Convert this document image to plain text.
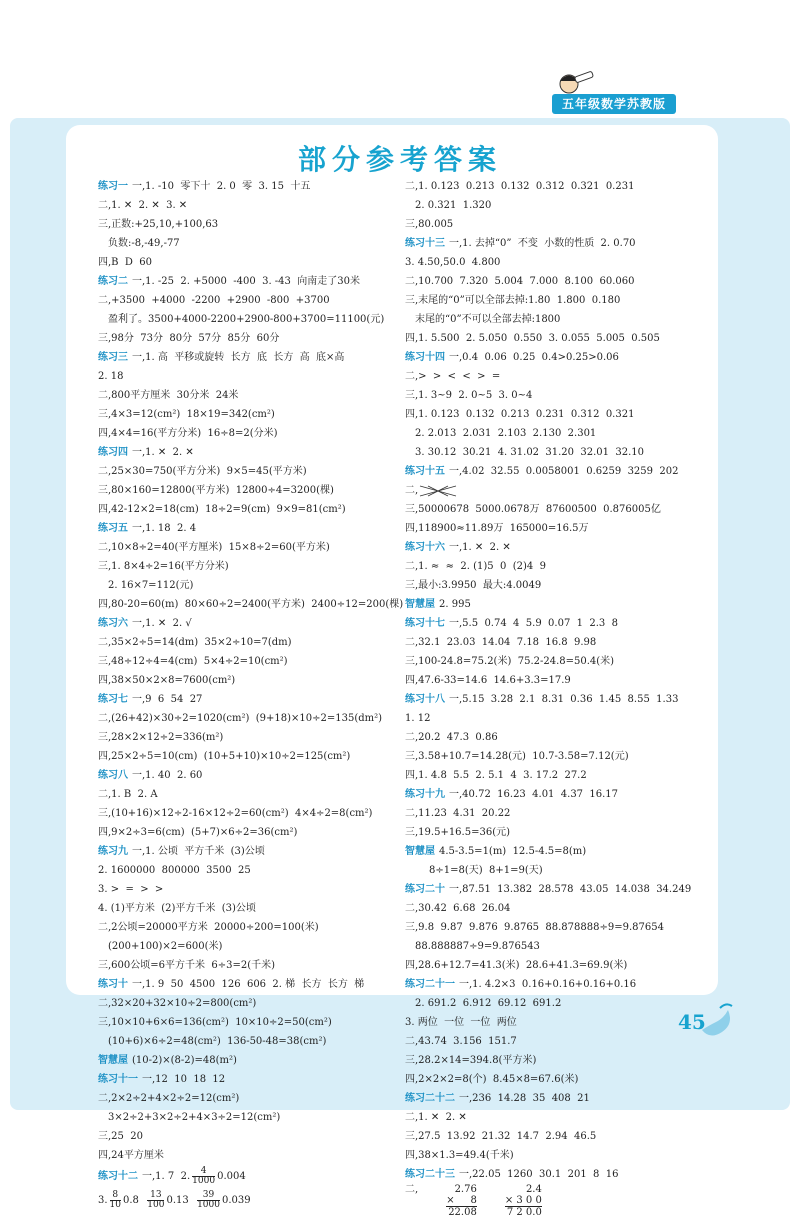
五年级数学苏教版
部分参考答案
练习一 一,1. -10  零下十  2. 0  零  3. 15  十五
二,1. ✕  2. ✕  3. ✕
三,正数:+25,10,+100,63
负数:-8,-49,-77
四,B  D  60
练习二 一,1. -25  2. +5000  -400  3. -43  向南走了30米
二,+3500  +4000  -2200  +2900  -800  +3700
盈利了。3500+4000-2200+2900-800+3700=11100(元)
三,98分  73分  80分  57分  85分  60分
练习三 一,1. 高  平移或旋转  长方  底  长方  高  底×高
2. 18
二,800平方厘米  30分米  24米
三,4×3=12(cm²)  18×19=342(cm²)
四,4×4=16(平方分米)  16÷8=2(分米)
练习四 一,1. ✕  2. ✕
二,25×30=750(平方分米)  9×5=45(平方米)
三,80×160=12800(平方米)  12800÷4=3200(棵)
四,42-12×2=18(cm)  18÷2=9(cm)  9×9=81(cm²)
练习五 一,1. 18  2. 4
二,10×8÷2=40(平方厘米)  15×8÷2=60(平方米)
三,1. 8×4÷2=16(平方分米)
2. 16×7=112(元)
四,80-20=60(m)  80×60÷2=2400(平方米)  2400÷12=200(棵)
练习六 一,1. ✕  2. √
二,35×2÷5=14(dm)  35×2÷10=7(dm)
三,48÷12÷4=4(cm)  5×4÷2=10(cm²)
四,38×50×2×8=7600(cm²)
练习七 一,9  6  54  27
二,(26+42)×30÷2=1020(cm²)  (9+18)×10÷2=135(dm²)
三,28×2×12÷2=336(m²)
四,25×2÷5=10(cm)  (10+5+10)×10÷2=125(cm²)
练习八 一,1. 40  2. 60
二,1. B  2. A
三,(10+16)×12÷2-16×12÷2=60(cm²)  4×4÷2=8(cm²)
四,9×2÷3=6(cm)  (5+7)×6÷2=36(cm²)
练习九 一,1. 公顷  平方千米  (3)公顷
2. 1600000  800000  3500  25
3. >  =  >  >
4. (1)平方米  (2)平方千米  (3)公顷
二,2公顷=20000平方米  20000÷200=100(米)
(200+100)×2=600(米)
三,600公顷=6平方千米  6÷3=2(千米)
练习十 一,1. 9  50  4500  126  606  2. 梯  长方  长方  梯
二,32×20+32×10÷2=800(cm²)
三,10×10+6×6=136(cm²)  10×10÷2=50(cm²)
(10+6)×6÷2=48(cm²)  136-50-48=38(cm²)
智慧屋 (10-2)×(8-2)=48(m²)
练习十一 一,12  10  18  12
二,2×2÷2+4×2÷2=12(cm²)
3×2÷2+3×2÷2+4×3÷2=12(cm²)
三,25  20
四,24平方厘米
练习十二 一,1. 7  2. $\frac{4}{1000} 0.004$
3. $\frac{8}{10} 0.8 \frac{13}{100} 0.13 \frac{39}{1000} 0.039$
二,1. 0.123  0.213  0.132  0.312  0.321  0.231
2. 0.321  1.320
三,80.005
练习十三 一,1. 去掉“0”  不变  小数的性质  2. 0.70
3. 4.50,50.0  4.800
二,10.700  7.320  5.004  7.000  8.100  60.060
三,末尾的“0”可以全部去掉:1.80  1.800  0.180
末尾的“0”不可以全部去掉:1800
四,1. 5.500  2. 5.050  0.550  3. 0.055  5.005  0.505
练习十四 一,0.4  0.06  0.25  0.4>0.25>0.06
二,>  >  <  <  >  =
三,1. 3~9  2. 0~5  3. 0~4
四,1. 0.123  0.132  0.213  0.231  0.312  0.321
2. 2.013  2.031  2.103  2.130  2.301
3. 30.12  30.21  4. 31.02  31.20  32.01  32.10
练习十五 一,4.02  32.55  0.0058001  0.6259  3259  202
二,
三,50000678  5000.0678万  87600500  0.876005亿
四,118900≈11.89万  165000=16.5万
练习十六 一,1. ✕  2. ✕
二,1. ≈  ≈  2. (1)5  0  (2)4  9
三,最小:3.9950  最大:4.0049
智慧屋 2. 995
练习十七 一,5.5  0.74  4  5.9  0.07  1  2.3  8
二,32.1  23.03  14.04  7.18  16.8  9.98
三,100-24.8=75.2(米)  75.2-24.8=50.4(米)
四,47.6-33=14.6  14.6+3.3=17.9
练习十八 一,5.15  3.28  2.1  8.31  0.36  1.45  8.55  1.33
1. 12
二,20.2  47.3  0.86
三,3.58+10.7=14.28(元)  10.7-3.58=7.12(元)
四,1. 4.8  5.5  2. 5.1  4  3. 17.2  27.2
练习十九 一,40.72  16.23  4.01  4.37  16.17
二,11.23  4.31  20.22
三,19.5+16.5=36(元)
智慧屋 4.5-3.5=1(m)  12.5-4.5=8(m)
8÷1=8(天)  8+1=9(天)
练习二十 一,87.51  13.382  28.578  43.05  14.038  34.249
二,30.42  6.68  26.04
三,9.8  9.87  9.876  9.8765  88.878888÷9=9.87654
88.888887÷9=9.876543
四,28.6+12.7=41.3(米)  28.6+41.3=69.9(米)
练习二十一 一,1. 4.2×3  0.16+0.16+0.16+0.16
2. 691.2  6.912  69.12  691.2
3. 两位  一位  一位  两位
二,43.74  3.156  151.7
三,28.2×14=394.8(平方米)
四,2×2×2=8(个)  8.45×8=67.6(米)
练习二十二 一,236  14.28  35  408  21
二,1. ✕  2. ✕
三,27.5  13.92  21.32  14.7  2.94  46.5
四,38×1.3=49.4(千米)
练习二十三 一,22.05  1260  30.1  201  8  16
二,	2.76
×     8
22.08
2.4
× 3 0 0
7 2 0.0
45
